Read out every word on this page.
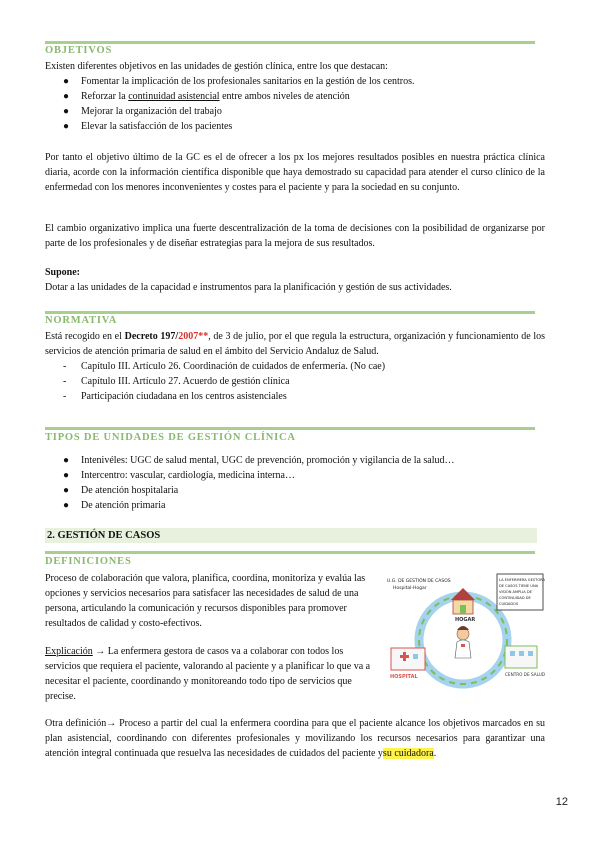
OBJETIVOS
Existen diferentes objetivos en las unidades de gestión clínica, entre los que destacan:
● Fomentar la implicación de los profesionales sanitarios en la gestión de los centros.
● Reforzar la continuidad asistencial entre ambos niveles de atención
● Mejorar la organización del trabajo
● Elevar la satisfacción de los pacientes
Por tanto el objetivo último de la GC es el de ofrecer a los px los mejores resultados posibles en nuestra práctica clínica diaria, acorde con la información científica disponible que haya demostrado su capacidad para atender el curso clínico de la enfermedad con los menores inconvenientes y costes para el paciente y para la sociedad en su conjunto.
El cambio organizativo implica una fuerte descentralización de la toma de decisiones con la posibilidad de organizarse por parte de los profesionales y de diseñar estrategias para la mejora de sus resultados.
Supone:
Dotar a las unidades de la capacidad e instrumentos para la planificación y gestión de sus actividades.
NORMATIVA
Está recogido en el Decreto 197/2007**, de 3 de julio, por el que regula la estructura, organización y funcionamiento de los servicios de atención primaria de salud en el ámbito del Servicio Andaluz de Salud.
- Capítulo III. Artículo 26. Coordinación de cuidados de enfermería. (No cae)
- Capítulo III. Artículo 27. Acuerdo de gestión clínica
- Participación ciudadana en los centros asistenciales
TIPOS DE UNIDADES DE GESTIÓN CLÍNICA
● Intenivéles: UGC de salud mental, UGC de prevención, promoción y vigilancia de la salud…
● Intercentro: vascular, cardiología, medicina interna…
● De atención hospitalaria
● De atención primaria
2. GESTIÓN DE CASOS
DEFINICIONES
Proceso de colaboración que valora, planifica, coordina, monitoriza y evalúa las opciones y servicios necesarios para satisfacer las necesidades de salud de una persona, articulando la comunicación y recursos disponibles para promover resultados de calidad y costo-efectivos.
Explicación → La enfermera gestora de casos va a colaborar con todos los servicios que requiera el paciente, valorando al paciente y a planificar lo que va a necesitar el paciente, coordinando y monitoreando todo tipo de servicios que precise.
Otra definición→ Proceso a partir del cual la enfermera coordina para que el paciente alcance los objetivos marcados en su plan asistencial, coordinando con diferentes profesionales y movilizando los recursos necesarios para garantizar una atención integral continuada que resuelva las necesidades de cuidados del paciente ysu cuidadora.
U.G. DE GESTIÓN DE CASOS
Hospital-Hogar
LA ENFERMERA GESTORA
DE CASOS TIENE UNA
VISIÓN AMPLIA DE
CONTINUIDAD DE
CUIDADOS
HOGAR
HOSPITAL	CENTRO DE SALUD
12
